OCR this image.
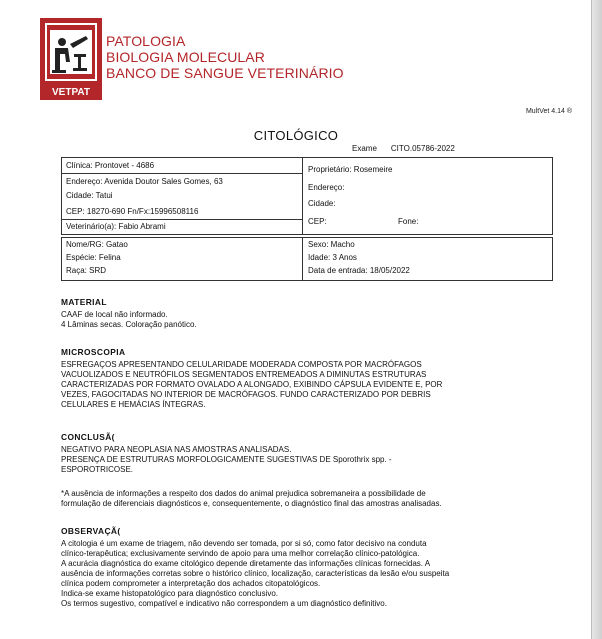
VETPAT
PATOLOGIA
BIOLOGIA MOLECULAR
BANCO DE SANGUE VETERINÁRIO
MultVet 4.14 ®
CITOLÓGICO
Exame CITO.05786-2022
Clínica: Prontovet - 4686
Endereço: Avenida Doutor Sales Gomes, 63
Cidade: Tatui
CEP: 18270-690 Fn/Fx:15996508116
Veterinário(a): Fabio Abrami
Proprietário: Rosemeire
Endereço:
Cidade:
CEP:	Fone:
Nome/RG: Gatao
Espécie: Felina
Raça: SRD
Sexo: Macho
Idade: 3 Anos
Data de entrada: 18/05/2022
MATERIAL

CAAF de local não informado.

4 Lâminas secas. Coloração panótico.

MICROSCOPIA

ESFREGAÇOS APRESENTANDO CELULARIDADE MODERADA COMPOSTA POR MACRÓFAGOS

VACUOLIZADOS E NEUTRÓFILOS SEGMENTADOS ENTREMEADOS A DIMINUTAS ESTRUTURAS

CARACTERIZADAS POR FORMATO OVALADO A ALONGADO, EXIBINDO CÁPSULA EVIDENTE E, POR

VEZES, FAGOCITADAS NO INTERIOR DE MACRÓFAGOS. FUNDO CARACTERIZADO POR DEBRIS

CELULARES E HEMÁCIAS ÍNTEGRAS.

CONCLUSÃ(

NEGATIVO PARA NEOPLASIA NAS AMOSTRAS ANALISADAS.

PRESENÇA DE ESTRUTURAS MORFOLOGICAMENTE SUGESTIVAS DE Sporothrix spp. -

ESPOROTRICOSE.

*A ausência de informações a respeito dos dados do animal prejudica sobremaneira a possibilidade de

formulação de diferenciais diagnósticos e, consequentemente, o diagnóstico final das amostras analisadas.

OBSERVAÇÃ(

A citologia é um exame de triagem, não devendo ser tomada, por si só, como fator decisivo na conduta

clínico-terapêutica; exclusivamente servindo de apoio para uma melhor correlação clínico-patológica.

A acurácia diagnóstica do exame citológico depende diretamente das informações clínicas fornecidas. A

ausência de informações corretas sobre o histórico clínico, localização, características da lesão e/ou suspeita

clínica podem comprometer a interpretação dos achados citopatológicos.

Indica-se exame histopatológico para diagnóstico conclusivo.

Os termos sugestivo, compatível e indicativo não correspondem a um diagnóstico definitivo.
